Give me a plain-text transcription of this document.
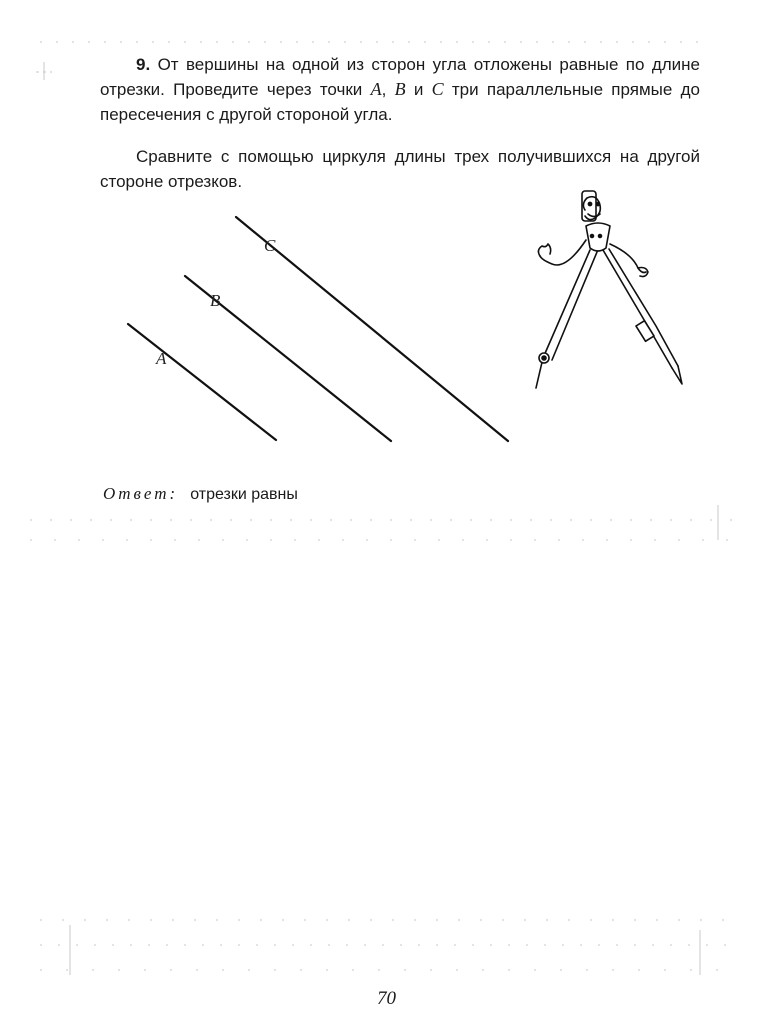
9. От вершины на одной из сторон угла отложены равные по длине отрезки. Проведите через точки A, B и C три параллельные прямые до пересечения с другой стороной угла.

Сравните с помощью циркуля длины трех получившихся на другой стороне отрезков.

A
B
C
Ответ: отрезки равны
70
